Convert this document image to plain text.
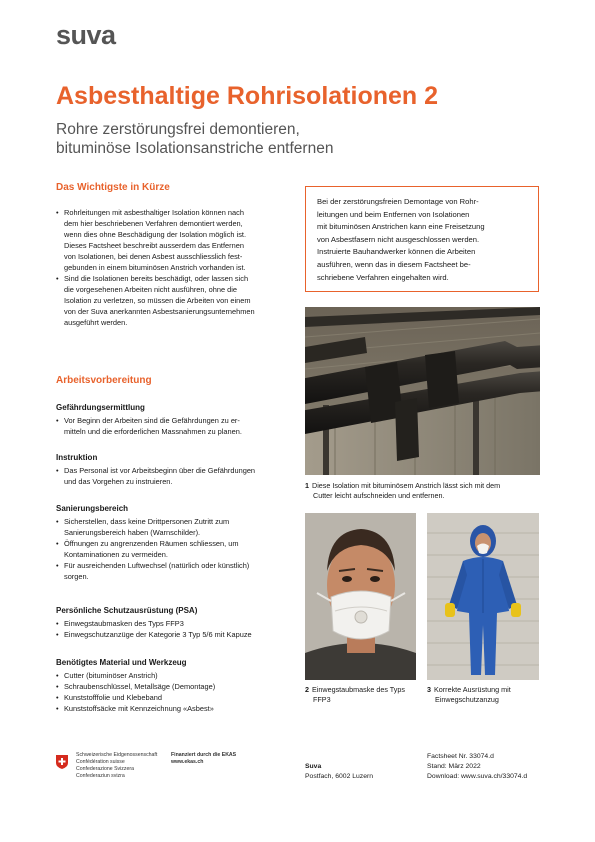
suva
Asbesthaltige Rohrisolationen 2
Rohre zerstörungsfrei demontieren,
bituminöse Isolationsanstriche entfernen
Das Wichtigste in Kürze
• Rohrleitungen mit asbesthaltiger Isolation können nach
dem hier beschriebenen Verfahren demontiert werden,
wenn dies ohne Beschädigung der Isolation möglich ist.
Dieses Factsheet beschreibt ausserdem das Entfernen
von Isolationen, bei denen Asbest ausschliesslich fest-
gebunden in einem bituminösen Anstrich vorhanden ist.
• Sind die Isolationen bereits beschädigt, oder lassen sich
die vorgesehenen Arbeiten nicht ausführen, ohne die
Isolation zu verletzen, so müssen die Arbeiten von einem
von der Suva anerkannten Asbestsanierungsunternehmen
ausgeführt werden.
Arbeitsvorbereitung
Gefährdungsermittlung
• Vor Beginn der Arbeiten sind die Gefährdungen zu er-
mitteln und die erforderlichen Massnahmen zu planen.
Instruktion
• Das Personal ist vor Arbeitsbeginn über die Gefährdungen
und das Vorgehen zu instruieren.
Sanierungsbereich
• Sicherstellen, dass keine Drittpersonen Zutritt zum
Sanierungsbereich haben (Warnschilder).
• Öffnungen zu angrenzenden Räumen schliessen, um
Kontaminationen zu vermeiden.
• Für ausreichenden Luftwechsel (natürlich oder künstlich)
sorgen.
Persönliche Schutzausrüstung (PSA)
• Einwegstaubmasken des Typs FFP3
• Einwegschutzanzüge der Kategorie 3 Typ 5/6 mit Kapuze
Benötigtes Material und Werkzeug
• Cutter (bituminöser Anstrich)
• Schraubenschlüssel, Metallsäge (Demontage)
• Kunststofffolie und Klebeband
• Kunststoffsäcke mit Kennzeichnung «Asbest»

Bei der zerstörungsfreien Demontage von Rohr-
leitungen und beim Entfernen von Isolationen
mit bituminösen Anstrichen kann eine Freisetzung
von Asbestfasern nicht ausgeschlossen werden.
Instruierte Bauhandwerker können die Arbeiten
ausführen, wenn das in diesem Factsheet be-
schriebene Verfahren eingehalten wird.

1 Diese Isolation mit bituminösem Anstrich lässt sich mit dem
Cutter leicht aufschneiden und entfernen.
2 Einwegstaubmaske des Typs
FFP3
3 Korrekte Ausrüstung mit
Einwegschutzanzug
Schweizerische Eidgenossenschaft
Confédération suisse
Confederazione Svizzera
Confederaziun svizra
Finanziert durch die EKAS
www.ekas.ch
Suva
Postfach, 6002 Luzern
Factsheet Nr. 33074.d
Stand: März 2022
Download: www.suva.ch/33074.d
